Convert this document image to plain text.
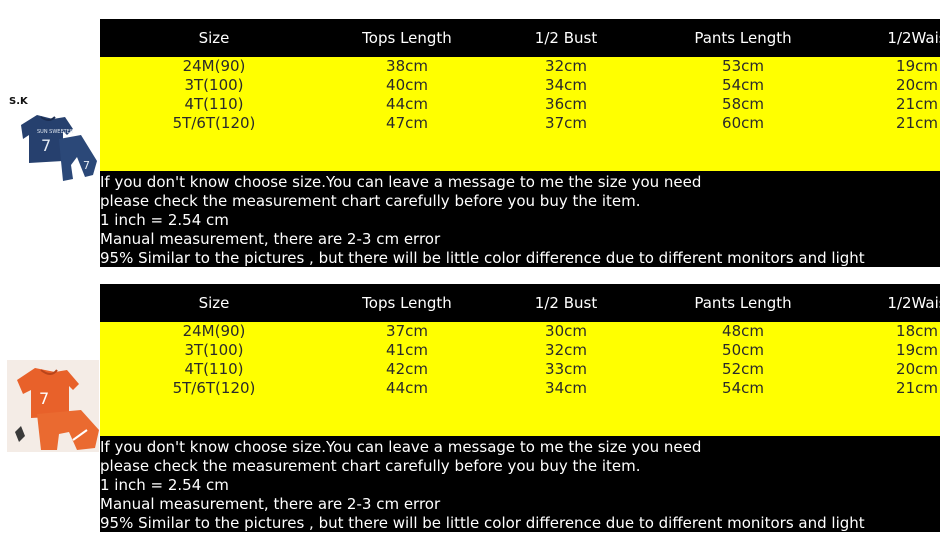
Size	Tops Length	1/2 Bust	Pants Length	1/2Wais
24M(90)	38cm	32cm	53cm	19cm
3T(100)	40cm	34cm	54cm	20cm
4T(110)	44cm	36cm	58cm	21cm
5T/6T(120)	47cm	37cm	60cm	21cm
If you don't know choose size.You can leave a message to me the size you need
please check the measurement chart carefully before you buy the item.
1 inch = 2.54 cm
Manual measurement, there are 2-3 cm error
95% Similar to the pictures , but there will be little color difference due to different monitors and light
S.K
SUN SWEETER
7
7
Size	Tops Length	1/2 Bust	Pants Length	1/2Wais
24M(90)	37cm	30cm	48cm	18cm
3T(100)	41cm	32cm	50cm	19cm
4T(110)	42cm	33cm	52cm	20cm
5T/6T(120)	44cm	34cm	54cm	21cm
If you don't know choose size.You can leave a message to me the size you need
please check the measurement chart carefully before you buy the item.
1 inch = 2.54 cm
Manual measurement, there are 2-3 cm error
95% Similar to the pictures , but there will be little color difference due to different monitors and light
7
